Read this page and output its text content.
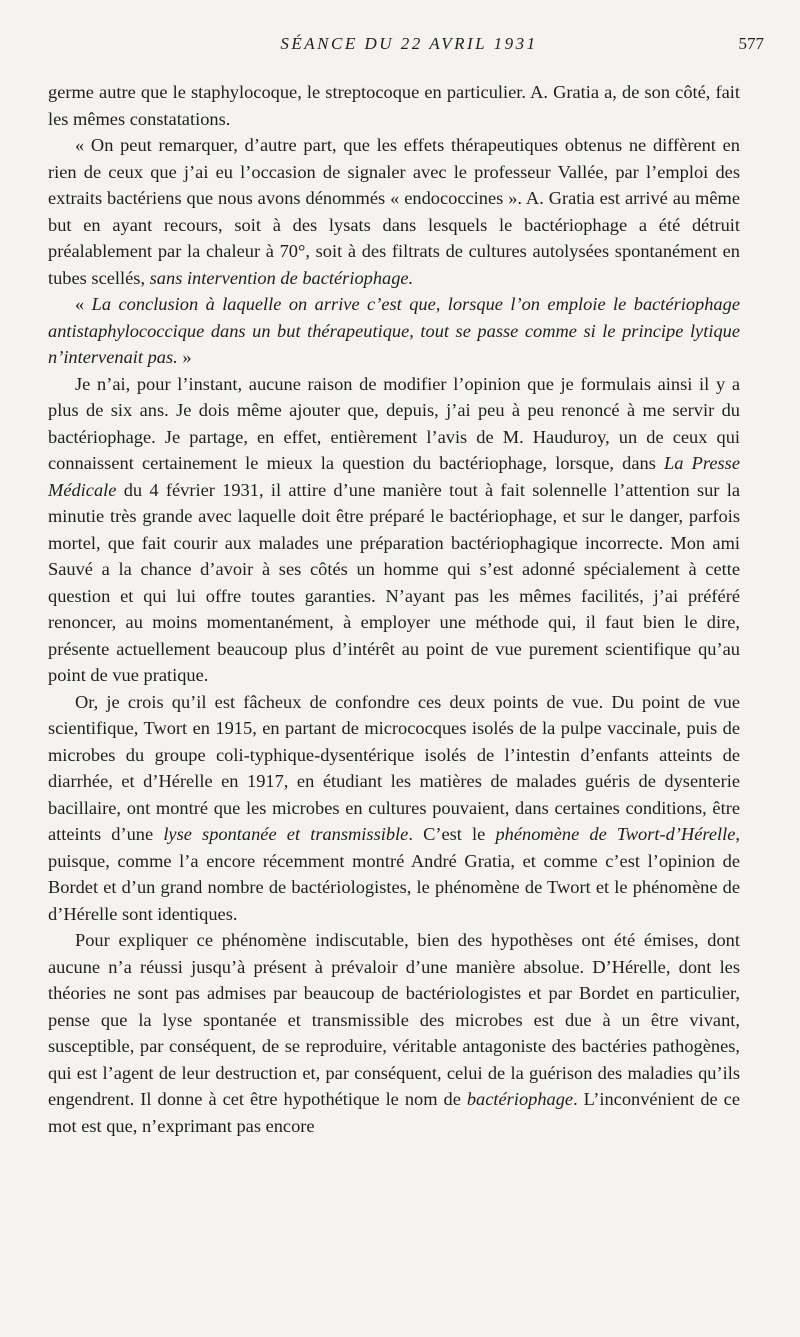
SÉANCE DU 22 AVRIL 1931	577

germe autre que le staphylocoque, le streptocoque en particulier. A. Gratia a, de son côté, fait les mêmes constatations.

« On peut remarquer, d’autre part, que les effets thérapeutiques obtenus ne diffèrent en rien de ceux que j’ai eu l’occasion de signaler avec le professeur Vallée, par l’emploi des extraits bactériens que nous avons dénommés « endococcines ». A. Gratia est arrivé au même but en ayant recours, soit à des lysats dans lesquels le bactériophage a été détruit préalablement par la chaleur à 70°, soit à des filtrats de cultures autolysées spontanément en tubes scellés, sans intervention de bactériophage.

« La conclusion à laquelle on arrive c’est que, lorsque l’on emploie le bactériophage antistaphylococcique dans un but thérapeutique, tout se passe comme si le principe lytique n’intervenait pas. »

Je n’ai, pour l’instant, aucune raison de modifier l’opinion que je formulais ainsi il y a plus de six ans. Je dois même ajouter que, depuis, j’ai peu à peu renoncé à me servir du bactériophage. Je partage, en effet, entièrement l’avis de M. Hauduroy, un de ceux qui connaissent certainement le mieux la question du bactériophage, lorsque, dans La Presse Médicale du 4 février 1931, il attire d’une manière tout à fait solennelle l’attention sur la minutie très grande avec laquelle doit être préparé le bactériophage, et sur le danger, parfois mortel, que fait courir aux malades une préparation bactériophagique incorrecte. Mon ami Sauvé a la chance d’avoir à ses côtés un homme qui s’est adonné spécialement à cette question et qui lui offre toutes garanties. N’ayant pas les mêmes facilités, j’ai préféré renoncer, au moins momentanément, à employer une méthode qui, il faut bien le dire, présente actuellement beaucoup plus d’intérêt au point de vue purement scientifique qu’au point de vue pratique.

Or, je crois qu’il est fâcheux de confondre ces deux points de vue. Du point de vue scientifique, Twort en 1915, en partant de micrococques isolés de la pulpe vaccinale, puis de microbes du groupe coli-typhique-dysentérique isolés de l’intestin d’enfants atteints de diarrhée, et d’Hérelle en 1917, en étudiant les matières de malades guéris de dysenterie bacillaire, ont montré que les microbes en cultures pouvaient, dans certaines conditions, être atteints d’une lyse spontanée et transmissible. C’est le phénomène de Twort-d’Hérelle, puisque, comme l’a encore récemment montré André Gratia, et comme c’est l’opinion de Bordet et d’un grand nombre de bactériologistes, le phénomène de Twort et le phénomène de d’Hérelle sont identiques.

Pour expliquer ce phénomène indiscutable, bien des hypothèses ont été émises, dont aucune n’a réussi jusqu’à présent à prévaloir d’une manière absolue. D’Hérelle, dont les théories ne sont pas admises par beaucoup de bactériologistes et par Bordet en particulier, pense que la lyse spontanée et transmissible des microbes est due à un être vivant, susceptible, par conséquent, de se reproduire, véritable antagoniste des bactéries pathogènes, qui est l’agent de leur destruction et, par conséquent, celui de la guérison des maladies qu’ils engendrent. Il donne à cet être hypothétique le nom de bactériophage. L’inconvénient de ce mot est que, n’exprimant pas encore
